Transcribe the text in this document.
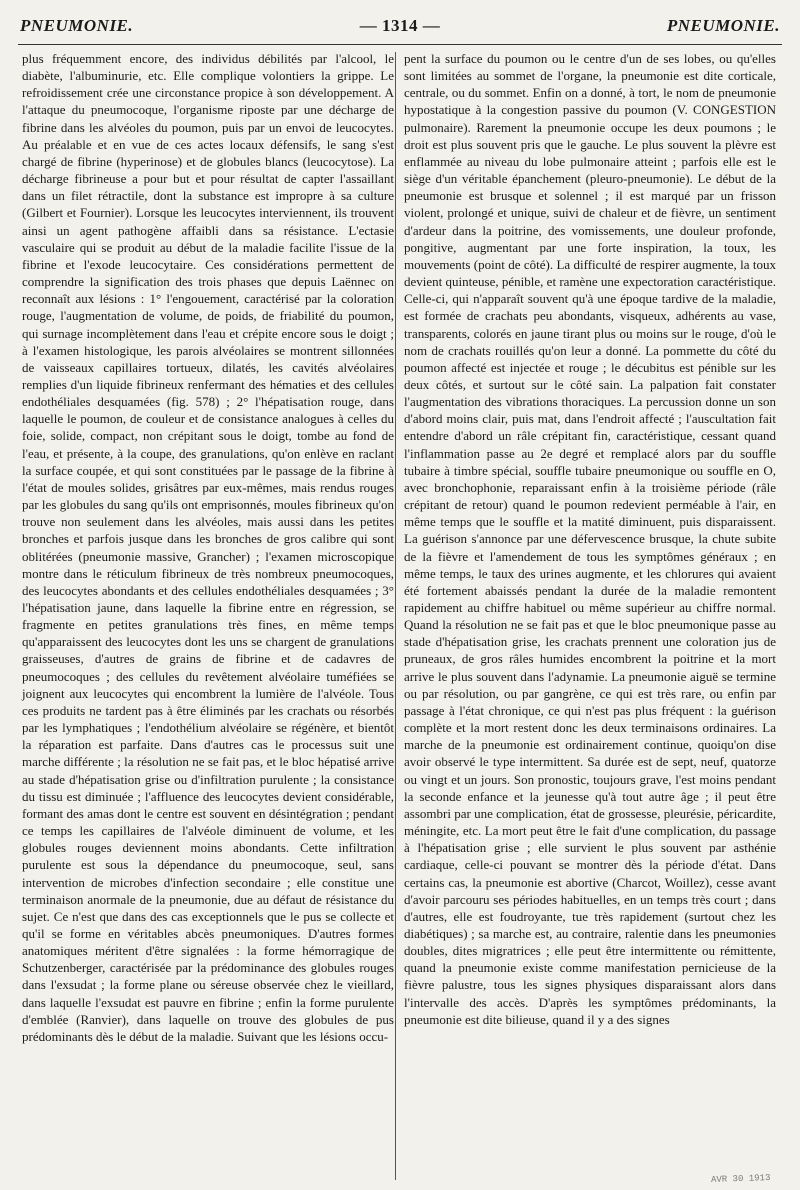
PNEUMONIE.	— 1314 —	PNEUMONIE.

plus fréquemment encore, des individus débilités par l'alcool, le diabète, l'albuminurie, etc. Elle complique volontiers la grippe. Le refroidissement crée une circonstance propice à son développement. A l'attaque du pneumocoque, l'organisme riposte par une décharge de fibrine dans les alvéoles du poumon, puis par un envoi de leucocytes. Au préalable et en vue de ces actes locaux défensifs, le sang s'est chargé de fibrine (hyperinose) et de globules blancs (leucocytose). La décharge fibrineuse a pour but et pour résultat de capter l'assaillant dans un filet rétractile, dont la substance est impropre à sa culture (Gilbert et Fournier). Lorsque les leucocytes interviennent, ils trouvent ainsi un agent pathogène affaibli dans sa résistance. L'ectasie vasculaire qui se produit au début de la maladie facilite l'issue de la fibrine et l'exode leucocytaire. Ces considérations permettent de comprendre la signification des trois phases que depuis Laënnec on reconnaît aux lésions : 1° l'engouement, caractérisé par la coloration rouge, l'augmentation de volume, de poids, de friabilité du poumon, qui surnage incomplètement dans l'eau et crépite encore sous le doigt ; à l'examen histologique, les parois alvéolaires se montrent sillonnées de vaisseaux capillaires tortueux, dilatés, les cavités alvéolaires remplies d'un liquide fibrineux renfermant des hématies et des cellules endothéliales desquamées (fig. 578) ; 2° l'hépatisation rouge, dans laquelle le poumon, de couleur et de consistance analogues à celles du foie, solide, compact, non crépitant sous le doigt, tombe au fond de l'eau, et présente, à la coupe, des granulations, qu'on enlève en raclant la surface coupée, et qui sont constituées par le passage de la fibrine à l'état de moules solides, grisâtres par eux-mêmes, mais rendus rouges par les globules du sang qu'ils ont emprisonnés, moules fibrineux qu'on trouve non seulement dans les alvéoles, mais aussi dans les petites bronches et parfois jusque dans les bronches de gros calibre qui sont oblitérées (pneumonie massive, Grancher) ; l'examen microscopique montre dans le réticulum fibrineux de très nombreux pneumocoques, des leucocytes abondants et des cellules endothéliales desquamées ; 3° l'hépatisation jaune, dans laquelle la fibrine entre en régression, se fragmente en petites granulations très fines, en même temps qu'apparaissent des leucocytes dont les uns se chargent de granulations graisseuses, d'autres de grains de fibrine et de cadavres de pneumocoques ; des cellules du revêtement alvéolaire tuméfiées se joignent aux leucocytes qui encombrent la lumière de l'alvéole. Tous ces produits ne tardent pas à être éliminés par les crachats ou résorbés par les lymphatiques ; l'endothélium alvéolaire se régénère, et bientôt la réparation est parfaite. Dans d'autres cas le processus suit une marche différente ; la résolution ne se fait pas, et le bloc hépatisé arrive au stade d'hépatisation grise ou d'infiltration purulente ; la consistance du tissu est diminuée ; l'affluence des leucocytes devient considérable, formant des amas dont le centre est souvent en désintégration ; pendant ce temps les capillaires de l'alvéole diminuent de volume, et les globules rouges deviennent moins abondants. Cette infiltration purulente est sous la dépendance du pneumocoque, seul, sans intervention de microbes d'infection secondaire ; elle constitue une terminaison anormale de la pneumonie, due au défaut de résistance du sujet. Ce n'est que dans des cas exceptionnels que le pus se collecte et qu'il se forme en véritables abcès pneumoniques. D'autres formes anatomiques méritent d'être signalées : la forme hémorragique de Schutzenberger, caractérisée par la prédominance des globules rouges dans l'exsudat ; la forme plane ou séreuse observée chez le vieillard, dans laquelle l'exsudat est pauvre en fibrine ; enfin la forme purulente d'emblée (Ranvier), dans laquelle on trouve des globules de pus prédominants dès le début de la maladie. Suivant que les lésions occu-

pent la surface du poumon ou le centre d'un de ses lobes, ou qu'elles sont limitées au sommet de l'organe, la pneumonie est dite corticale, centrale, ou du sommet. Enfin on a donné, à tort, le nom de pneumonie hypostatique à la congestion passive du poumon (V. CONGESTION pulmonaire). Rarement la pneumonie occupe les deux poumons ; le droit est plus souvent pris que le gauche. Le plus souvent la plèvre est enflammée au niveau du lobe pulmonaire atteint ; parfois elle est le siège d'un véritable épanchement (pleuro-pneumonie). Le début de la pneumonie est brusque et solennel ; il est marqué par un frisson violent, prolongé et unique, suivi de chaleur et de fièvre, un sentiment d'ardeur dans la poitrine, des vomissements, une douleur profonde, pongitive, augmentant par une forte inspiration, la toux, les mouvements (point de côté). La difficulté de respirer augmente, la toux devient quinteuse, pénible, et ramène une expectoration caractéristique. Celle-ci, qui n'apparaît souvent qu'à une époque tardive de la maladie, est formée de crachats peu abondants, visqueux, adhérents au vase, transparents, colorés en jaune tirant plus ou moins sur le rouge, d'où le nom de crachats rouillés qu'on leur a donné. La pommette du côté du poumon affecté est injectée et rouge ; le décubitus est pénible sur les deux côtés, et surtout sur le côté sain. La palpation fait constater l'augmentation des vibrations thoraciques. La percussion donne un son d'abord moins clair, puis mat, dans l'endroit affecté ; l'auscultation fait entendre d'abord un râle crépitant fin, caractéristique, cessant quand l'inflammation passe au 2e degré et remplacé alors par du souffle tubaire à timbre spécial, souffle tubaire pneumonique ou souffle en O, avec bronchophonie, reparaissant enfin à la troisième période (râle crépitant de retour) quand le poumon redevient perméable à l'air, en même temps que le souffle et la matité diminuent, puis disparaissent. La guérison s'annonce par une défervescence brusque, la chute subite de la fièvre et l'amendement de tous les symptômes généraux ; en même temps, le taux des urines augmente, et les chlorures qui avaient été fortement abaissés pendant la durée de la maladie remontent rapidement au chiffre habituel ou même supérieur au chiffre normal. Quand la résolution ne se fait pas et que le bloc pneumonique passe au stade d'hépatisation grise, les crachats prennent une coloration jus de pruneaux, de gros râles humides encombrent la poitrine et la mort arrive le plus souvent dans l'adynamie. La pneumonie aiguë se termine ou par résolution, ou par gangrène, ce qui est très rare, ou enfin par passage à l'état chronique, ce qui n'est pas plus fréquent : la guérison complète et la mort restent donc les deux terminaisons ordinaires. La marche de la pneumonie est ordinairement continue, quoiqu'on dise avoir observé le type intermittent. Sa durée est de sept, neuf, quatorze ou vingt et un jours. Son pronostic, toujours grave, l'est moins pendant la seconde enfance et la jeunesse qu'à tout autre âge ; il peut être assombri par une complication, état de grossesse, pleurésie, péricardite, méningite, etc. La mort peut être le fait d'une complication, du passage à l'hépatisation grise ; elle survient le plus souvent par asthénie cardiaque, celle-ci pouvant se montrer dès la période d'état. Dans certains cas, la pneumonie est abortive (Charcot, Woillez), cesse avant d'avoir parcouru ses périodes habituelles, en un temps très court ; dans d'autres, elle est foudroyante, tue très rapidement (surtout chez les diabétiques) ; sa marche est, au contraire, ralentie dans les pneumonies doubles, dites migratrices ; elle peut être intermittente ou rémittente, quand la pneumonie existe comme manifestation pernicieuse de la fièvre palustre, tous les signes physiques disparaissant alors dans l'intervalle des accès. D'après les symptômes prédominants, la pneumonie est dite bilieuse, quand il y a des signes

AVR 30 1913
